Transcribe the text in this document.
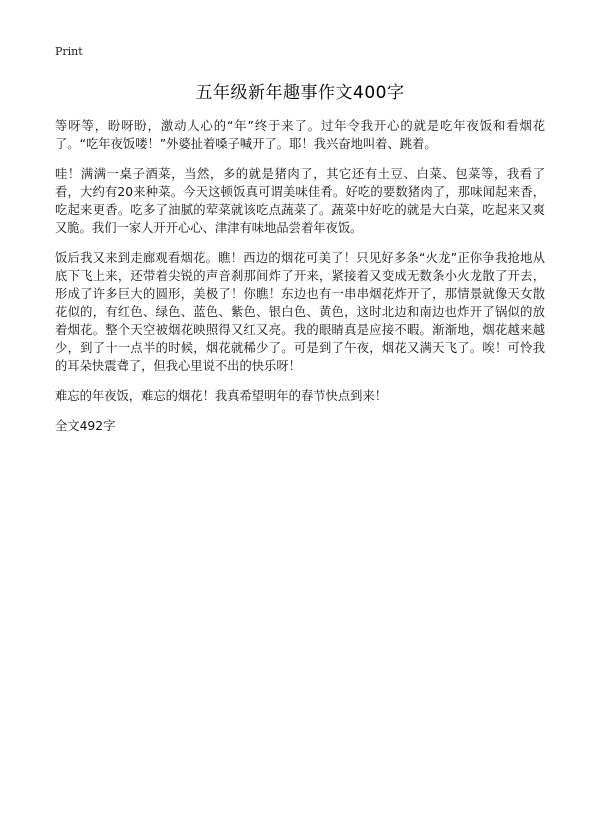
Print
五年级新年趣事作文400字

等呀等，盼呀盼，激动人心的“年”终于来了。过年令我开心的就是吃年夜饭和看烟花了。“吃年夜饭喽！”外婆扯着嗓子喊开了。耶！我兴奋地叫着、跳着。

哇！满满一桌子酒菜，当然，多的就是猪肉了，其它还有土豆、白菜、包菜等，我看了看，大约有20来种菜。今天这顿饭真可谓美味佳肴。好吃的要数猪肉了，那味闻起来香，吃起来更香。吃多了油腻的荤菜就该吃点蔬菜了。蔬菜中好吃的就是大白菜，吃起来又爽又脆。我们一家人开开心心、津津有味地品尝着年夜饭。

饭后我又来到走廊观看烟花。瞧！西边的烟花可美了！只见好多条“火龙”正你争我抢地从底下飞上来，还带着尖锐的声音刹那间炸了开来，紧接着又变成无数条小火龙散了开去，形成了许多巨大的圆形，美极了！你瞧！东边也有一串串烟花炸开了，那情景就像天女散花似的，有红色、绿色、蓝色、紫色、银白色、黄色，这时北边和南边也炸开了锅似的放着烟花。整个天空被烟花映照得又红又亮。我的眼睛真是应接不暇。渐渐地，烟花越来越少，到了十一点半的时候，烟花就稀少了。可是到了午夜，烟花又满天飞了。唉！可怜我的耳朵快震聋了，但我心里说不出的快乐呀！

难忘的年夜饭，难忘的烟花！我真希望明年的春节快点到来！

全文492字
